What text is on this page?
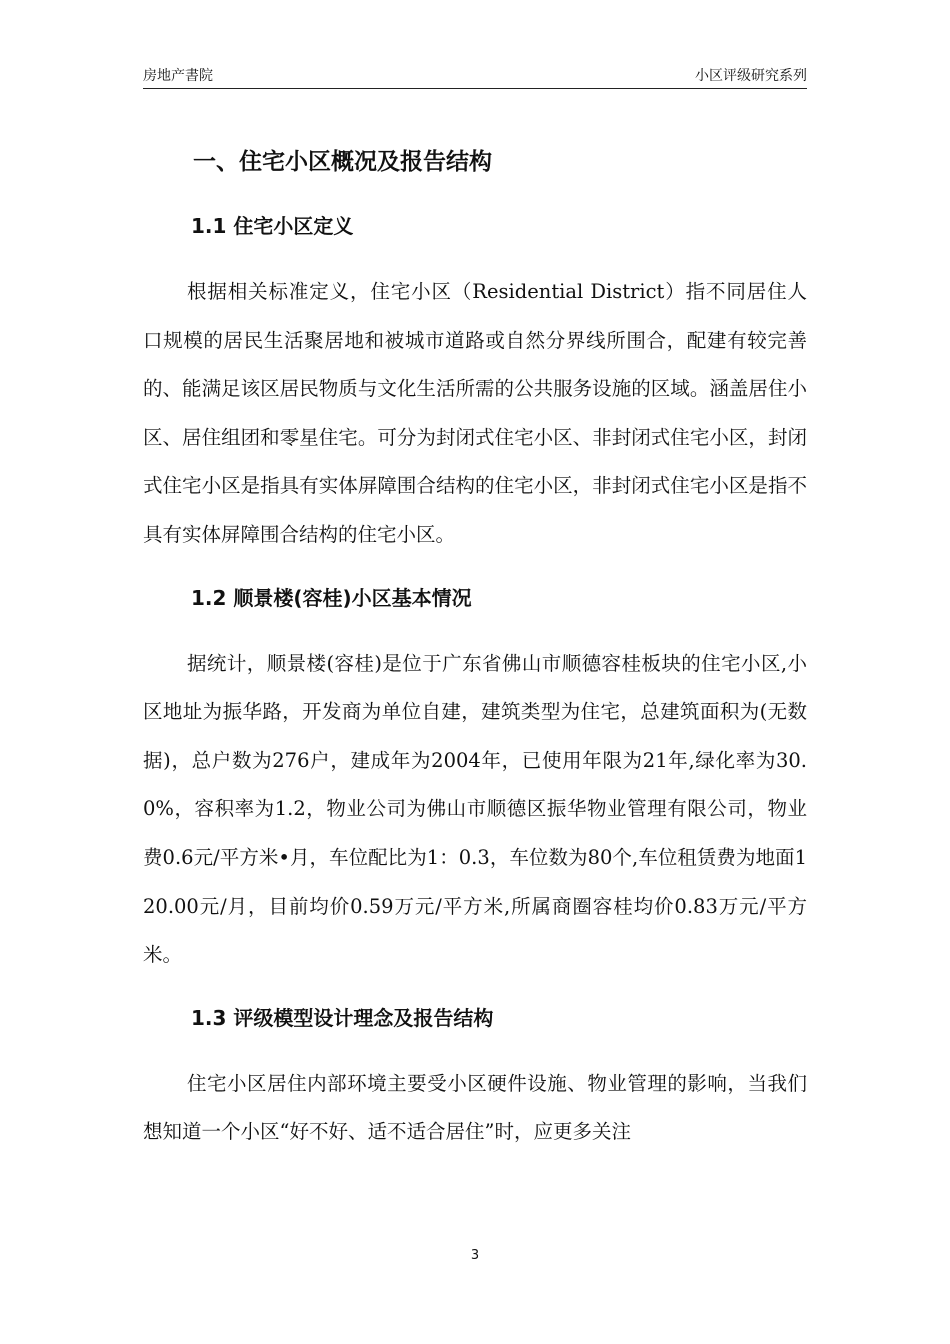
房地产書院	小区评级研究系列
一、住宅小区概况及报告结构
1.1 住宅小区定义

根据相关标准定义，住宅小区（Residential District）指不同居住人口规模的居民生活聚居地和被城市道路或自然分界线所围合，配建有较完善的、能满足该区居民物质与文化生活所需的公共服务设施的区域。涵盖居住小区、居住组团和零星住宅。可分为封闭式住宅小区、非封闭式住宅小区，封闭式住宅小区是指具有实体屏障围合结构的住宅小区，非封闭式住宅小区是指不具有实体屏障围合结构的住宅小区。

1.2 顺景楼(容桂)小区基本情况

据统计，顺景楼(容桂)是位于广东省佛山市顺德容桂板块的住宅小区,小区地址为振华路，开发商为单位自建，建筑类型为住宅，总建筑面积为(无数据)，总户数为276户，建成年为2004年，已使用年限为21年,绿化率为30.0%，容积率为1.2，物业公司为佛山市顺德区振华物业管理有限公司，物业费0.6元/平方米•月，车位配比为1：0.3，车位数为80个,车位租赁费为地面120.00元/月，目前均价0.59万元/平方米,所属商圈容桂均价0.83万元/平方米。

1.3 评级模型设计理念及报告结构

住宅小区居住内部环境主要受小区硬件设施、物业管理的影响，当我们想知道一个小区“好不好、适不适合居住”时，应更多关注

3
